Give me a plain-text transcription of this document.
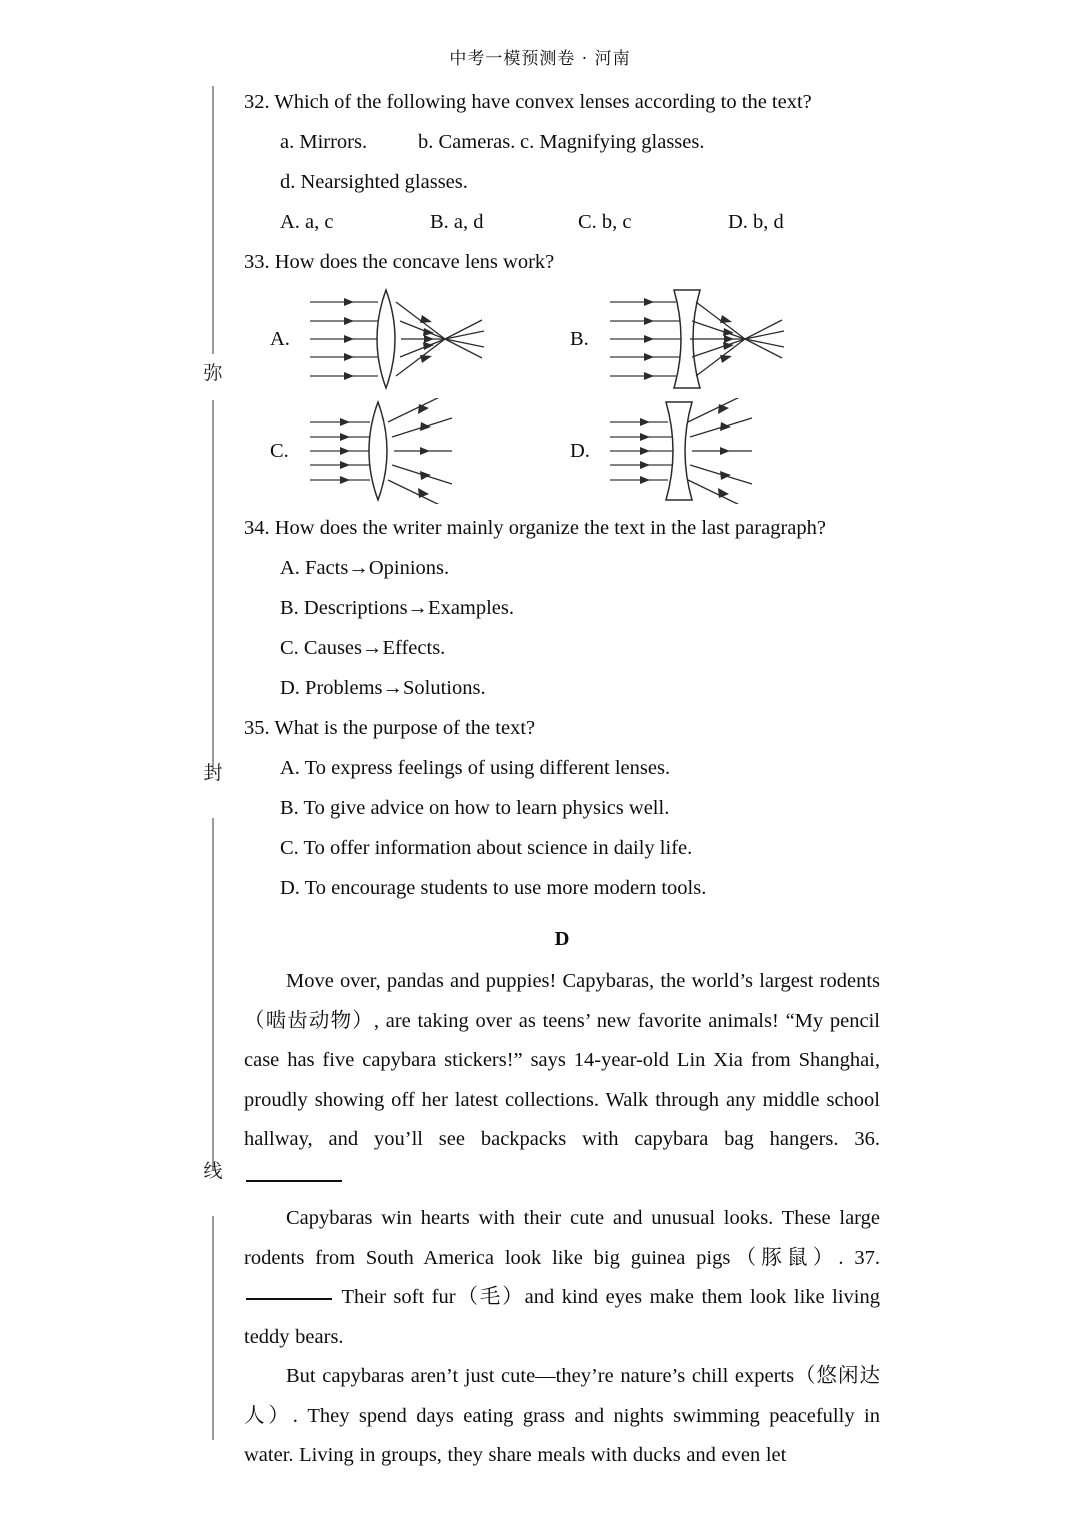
中考一模预测卷 · 河南
弥
封
线
32. Which of the following have convex lenses according to the text?
a. Mirrors. b. Cameras. c. Magnifying glasses.
d. Nearsighted glasses.
A. a, c	B. a, d	C. b, c	D. b, d
33. How does the concave lens work?
A.	B.
C.	D.
34. How does the writer mainly organize the text in the last paragraph?
A. Facts→Opinions.
B. Descriptions→Examples.
C. Causes→Effects.
D. Problems→Solutions.
35. What is the purpose of the text?
A. To express feelings of using different lenses.
B. To give advice on how to learn physics well.
C. To offer information about science in daily life.
D. To encourage students to use more modern tools.
D
Move over, pandas and puppies! Capybaras, the world’s largest rodents（啮齿动物）, are taking over as teens’ new favorite animals! “My pencil case has five capybara stickers!” says 14-year-old Lin Xia from Shanghai, proudly showing off her latest collections. Walk through any middle school hallway, and you’ll see backpacks with capybara bag hangers. 36.
Capybaras win hearts with their cute and unusual looks. These large rodents from South America look like big guinea pigs（豚鼠）. 37. Their soft fur（毛）and kind eyes make them look like living teddy bears.
But capybaras aren’t just cute—they’re nature’s chill experts（悠闲达人）. They spend days eating grass and nights swimming peacefully in water. Living in groups, they share meals with ducks and even let
